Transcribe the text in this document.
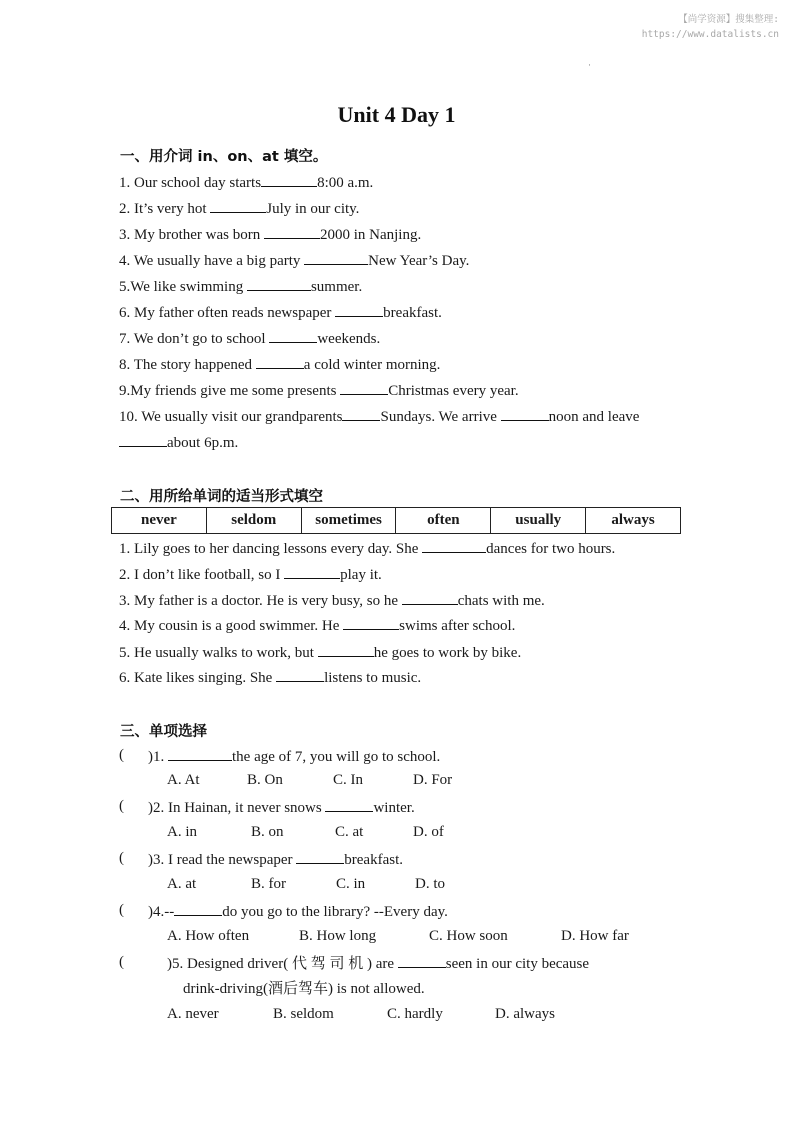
【尚学资源】搜集整理:
https://www.datalists.cn
·
Unit 4 Day 1
一、用介词 in、on、at 填空。
1. Our school day starts	8:00 a.m.
2. It’s very hot	July in our city.
3. My brother was born	2000 in Nanjing.
4. We usually have a big party	New Year’s Day.
5.We like swimming	summer.
6. My father often reads newspaper	breakfast.
7. We don’t go to school	weekends.
8. The story happened	a cold winter morning.
9.My friends give me some presents	Christmas every year.
10. We usually visit our grandparents	Sundays. We arrive	noon and leave
about 6p.m.
二、用所给单词的适当形式填空
never	seldom	sometimes	often	usually	always
1. Lily goes to her dancing lessons every day. She	dances for two hours.
2. I don’t like football, so I	play it.
3. My father is a doctor. He is very busy, so he	chats with me.
4. My cousin is a good swimmer. He	swims after school.
5. He usually walks to work, but	he goes to work by bike.
6. Kate likes singing. She	listens to music.
三、单项选择
( )1.	the age of 7, you will go to school.
A. At	B. On	C. In	D. For
( )2. In Hainan, it never snows	winter.
A. in	B. on	C. at	D. of
( )3. I read the newspaper	breakfast.
A. at	B. for	C. in	D. to
( )4.--	do you go to the library? --Every day.
A. How often	B. How long	C. How soon	D. How far
(	)5. Designed driver( 代 驾 司 机 ) are	seen in our city because
drink-driving(酒后驾车) is not allowed.
A. never	B. seldom	C. hardly	D. always
